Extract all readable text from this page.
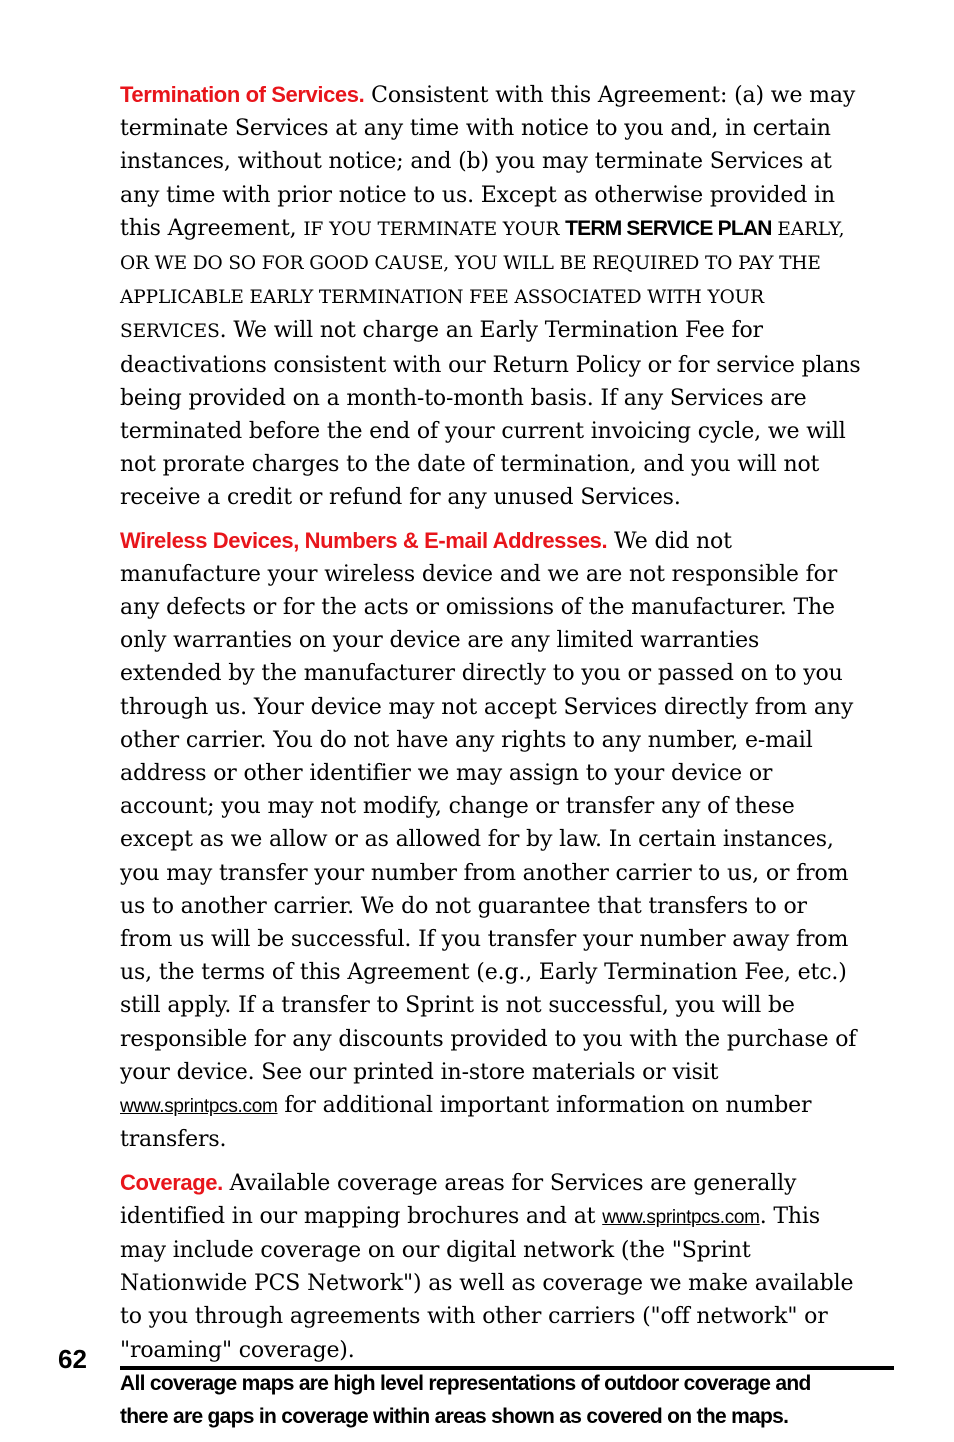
Termination of Services. Consistent with this Agreement: (a) we may terminate Services at any time with notice to you and, in certain instances, without notice; and (b) you may terminate Services at any time with prior notice to us. Except as otherwise provided in this Agreement, IF YOU TERMINATE YOUR TERM SERVICE PLAN EARLY, OR WE DO SO FOR GOOD CAUSE, YOU WILL BE REQUIRED TO PAY THE APPLICABLE EARLY TERMINATION FEE ASSOCIATED WITH YOUR SERVICES. We will not charge an Early Termination Fee for deactivations consistent with our Return Policy or for service plans being provided on a month-to-month basis. If any Services are terminated before the end of your current invoicing cycle, we will not prorate charges to the date of termination, and you will not receive a credit or refund for any unused Services.

Wireless Devices, Numbers & E-mail Addresses. We did not manufacture your wireless device and we are not responsible for any defects or for the acts or omissions of the manufacturer. The only warranties on your device are any limited warranties extended by the manufacturer directly to you or passed on to you through us. Your device may not accept Services directly from any other carrier. You do not have any rights to any number, e-mail address or other identifier we may assign to your device or account; you may not modify, change or transfer any of these except as we allow or as allowed for by law. In certain instances, you may transfer your number from another carrier to us, or from us to another carrier. We do not guarantee that transfers to or from us will be successful. If you transfer your number away from us, the terms of this Agreement (e.g., Early Termination Fee, etc.) still apply. If a transfer to Sprint is not successful, you will be responsible for any discounts provided to you with the purchase of your device. See our printed in-store materials or visit www.sprintpcs.com for additional important information on number transfers.

Coverage. Available coverage areas for Services are generally identified in our mapping brochures and at www.sprintpcs.com. This may include coverage on our digital network (the "Sprint Nationwide PCS Network") as well as coverage we make available to you through agreements with other carriers ("off network" or "roaming" coverage).
All coverage maps are high level representations of outdoor coverage and there are gaps in coverage within areas shown as covered on the maps.

62
